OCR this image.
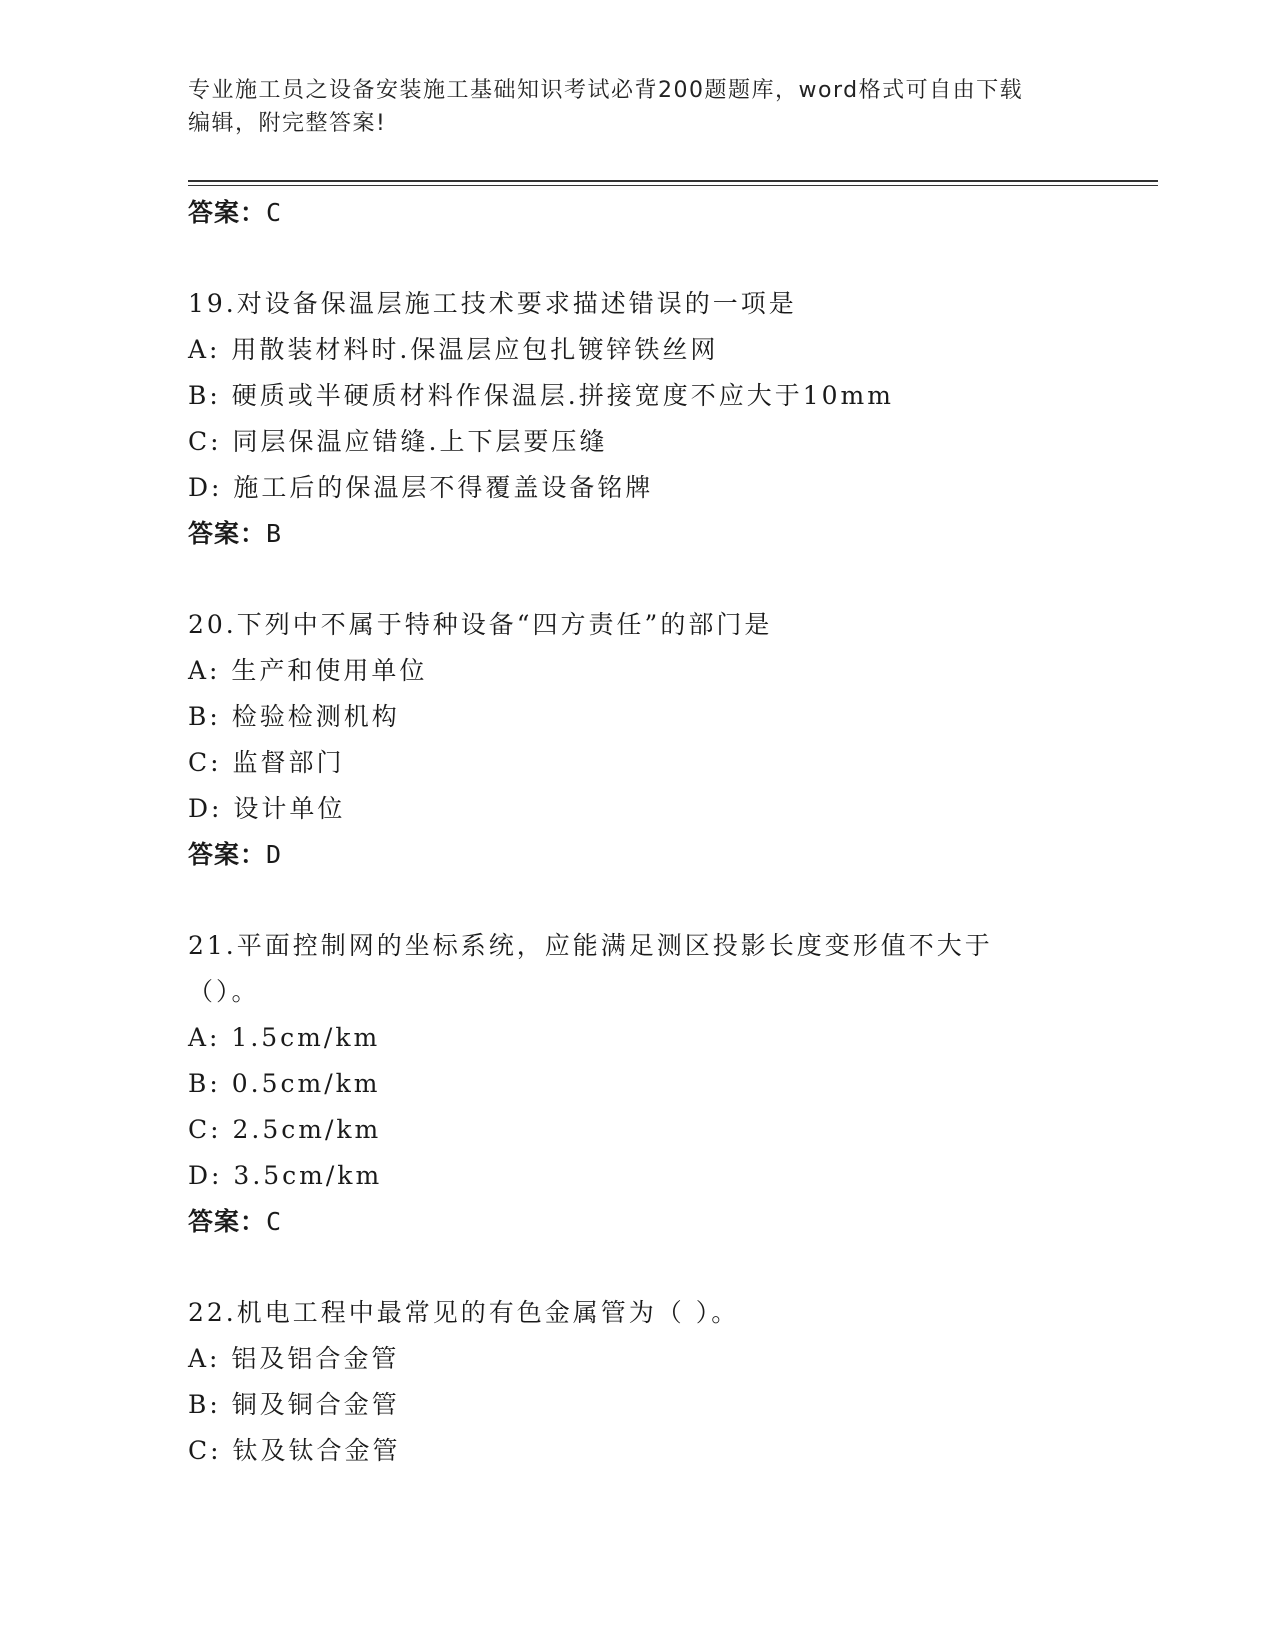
专业施工员之设备安装施工基础知识考试必背200题题库，word格式可自由下载
编辑，附完整答案!
答案：C
19.对设备保温层施工技术要求描述错误的一项是
A: 用散装材料时.保温层应包扎镀锌铁丝网
B: 硬质或半硬质材料作保温层.拼接宽度不应大于10mm
C: 同层保温应错缝.上下层要压缝
D: 施工后的保温层不得覆盖设备铭牌
答案：B
20.下列中不属于特种设备“四方责任”的部门是
A: 生产和使用单位
B: 检验检测机构
C: 监督部门
D: 设计单位
答案：D
21.平面控制网的坐标系统，应能满足测区投影长度变形值不大于（）。
A: 1.5cm/km
B: 0.5cm/km
C: 2.5cm/km
D: 3.5cm/km
答案：C
22.机电工程中最常见的有色金属管为（ ）。
A: 铝及铝合金管
B: 铜及铜合金管
C: 钛及钛合金管
